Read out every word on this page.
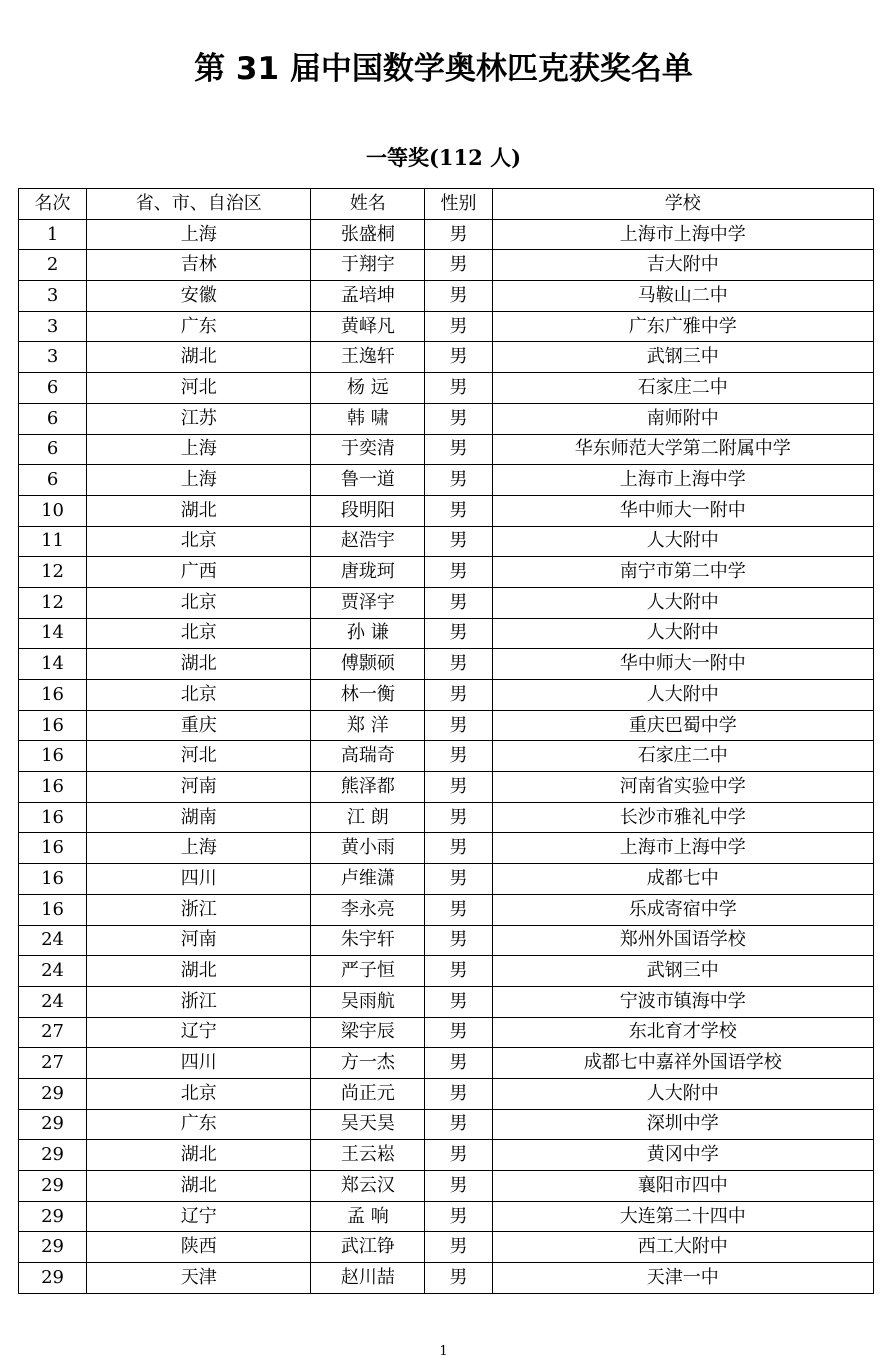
第 31 届中国数学奥林匹克获奖名单
一等奖(112 人)
名次	省、市、自治区	姓名	性别	学校
1	上海	张盛桐	男	上海市上海中学
2	吉林	于翔宇	男	吉大附中
3	安徽	孟培坤	男	马鞍山二中
3	广东	黄峄凡	男	广东广雅中学
3	湖北	王逸轩	男	武钢三中
6	河北	杨 远	男	石家庄二中
6	江苏	韩 啸	男	南师附中
6	上海	于奕清	男	华东师范大学第二附属中学
6	上海	鲁一道	男	上海市上海中学
10	湖北	段明阳	男	华中师大一附中
11	北京	赵浩宇	男	人大附中
12	广西	唐珑珂	男	南宁市第二中学
12	北京	贾泽宇	男	人大附中
14	北京	孙 谦	男	人大附中
14	湖北	傅颢硕	男	华中师大一附中
16	北京	林一衡	男	人大附中
16	重庆	郑 洋	男	重庆巴蜀中学
16	河北	高瑞奇	男	石家庄二中
16	河南	熊泽都	男	河南省实验中学
16	湖南	江 朗	男	长沙市雅礼中学
16	上海	黄小雨	男	上海市上海中学
16	四川	卢维潇	男	成都七中
16	浙江	李永亮	男	乐成寄宿中学
24	河南	朱宇轩	男	郑州外国语学校
24	湖北	严子恒	男	武钢三中
24	浙江	吴雨航	男	宁波市镇海中学
27	辽宁	梁宇辰	男	东北育才学校
27	四川	方一杰	男	成都七中嘉祥外国语学校
29	北京	尚正元	男	人大附中
29	广东	吴天昊	男	深圳中学
29	湖北	王云崧	男	黄冈中学
29	湖北	郑云汉	男	襄阳市四中
29	辽宁	孟 响	男	大连第二十四中
29	陕西	武江铮	男	西工大附中
29	天津	赵川喆	男	天津一中
1
